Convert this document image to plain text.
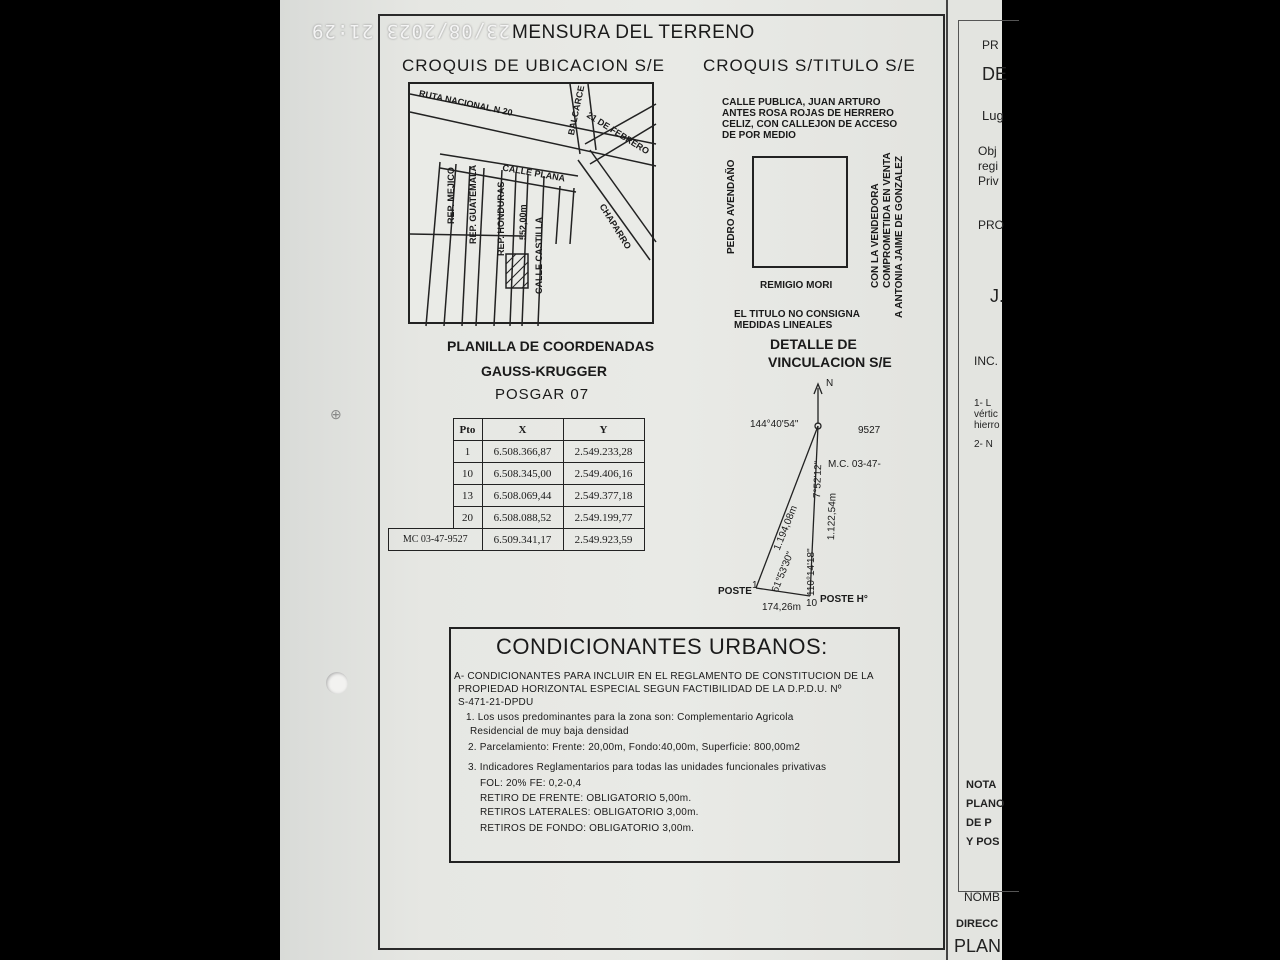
⊕
23/08/2023 21:29 MENSURA DEL TERRENO
CROQUIS DE UBICACION S/E CROQUIS S/TITULO S/E
RUTA NACIONAL N 20	BALCARCE
21 DE FEBRERO
CALLE PLANA
REP. MEJICO REP. GUATEMALA REP. HONDURAS 552,00m CALLE CASTILLA	CHAPARRO
CALLE PUBLICA, JUAN ARTURO
ANTES ROSA ROJAS DE HERRERO
CELIZ, CON CALLEJON DE ACCESO
DE POR MEDIO
PEDRO AVENDAÑO
REMIGIO MORI	CON LA VENDEDORA COMPROMETIDA EN VENTA A ANTONIA JAIME DE GONZALEZ
EL TITULO NO CONSIGNA
MEDIDAS LINEALES
PLANILLA DE COORDENADAS
GAUSS-KRUGGER
POSGAR 07
	Pto	X	Y
	1	6.508.366,87	2.549.233,28
	10	6.508.345,00	2.549.406,16
	13	6.508.069,44	2.549.377,18
	20	6.508.088,52	2.549.199,77
MC 03-47-9527		6.509.341,17	2.549.923,59
DETALLE DE
VINCULACION S/E
N
144°40'54"
9527
M.C. 03-47-
7°52'12"
1.194,08m	1.122,54m
61°53'30" 110°14'18"
POSTE
1
POSTE H°
10
174,26m
CONDICIONANTES URBANOS:
A- CONDICIONANTES PARA INCLUIR EN EL REGLAMENTO DE CONSTITUCION DE LA
PROPIEDAD HORIZONTAL ESPECIAL SEGUN FACTIBILIDAD DE LA D.P.D.U. Nº
S-471-21-DPDU
1. Los usos predominantes para la zona son: Complementario Agricola
Residencial de muy baja densidad
2. Parcelamiento: Frente: 20,00m, Fondo:40,00m, Superficie: 800,00m2
3. Indicadores Reglamentarios para todas las unidades funcionales privativas
FOL: 20% FE: 0,2-0,4
RETIRO DE FRENTE: OBLIGATORIO 5,00m.
RETIROS LATERALES: OBLIGATORIO 3,00m.
RETIROS DE FONDO: OBLIGATORIO 3,00m.
PR
DE
Lug
Obj
regi
Priv
PRO
J.
INC.
1- L
vértic
hierro
2- N
NOTA
PLANO
DE P
Y POS
NOMB
DIRECC
PLAN
